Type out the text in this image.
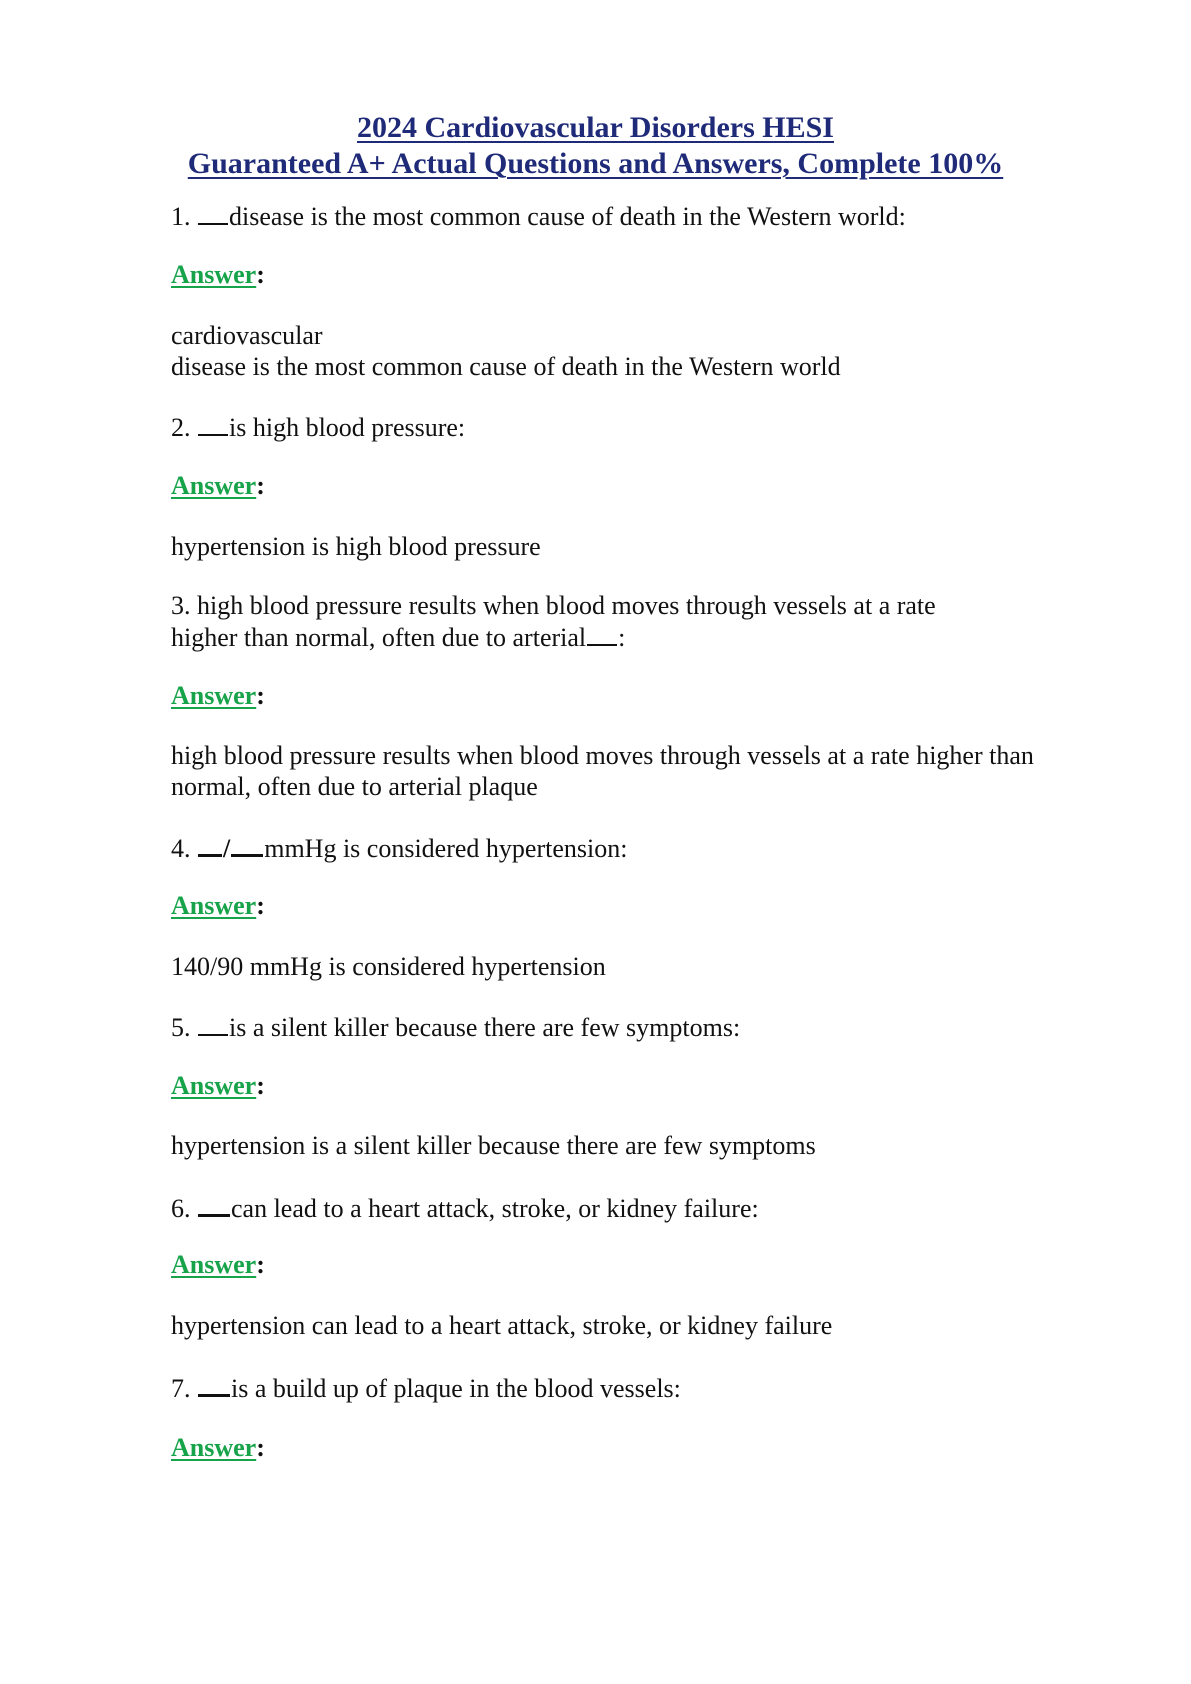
2024 Cardiovascular Disorders HESI
Guaranteed A+ Actual Questions and Answers, Complete 100%
1. disease is the most common cause of death in the Western world:
Answer:
cardiovascular
disease is the most common cause of death in the Western world
2. is high blood pressure:
Answer:
hypertension is high blood pressure
3. high blood pressure results when blood moves through vessels at a rate
higher than normal, often due to arterial :
Answer:
high blood pressure results when blood moves through vessels at a rate higher than
normal, often due to arterial plaque
4. / mmHg is considered hypertension:
Answer:
140/90 mmHg is considered hypertension
5. is a silent killer because there are few symptoms:
Answer:
hypertension is a silent killer because there are few symptoms
6. can lead to a heart attack, stroke, or kidney failure:
Answer:
hypertension can lead to a heart attack, stroke, or kidney failure
7. is a build up of plaque in the blood vessels:
Answer:
